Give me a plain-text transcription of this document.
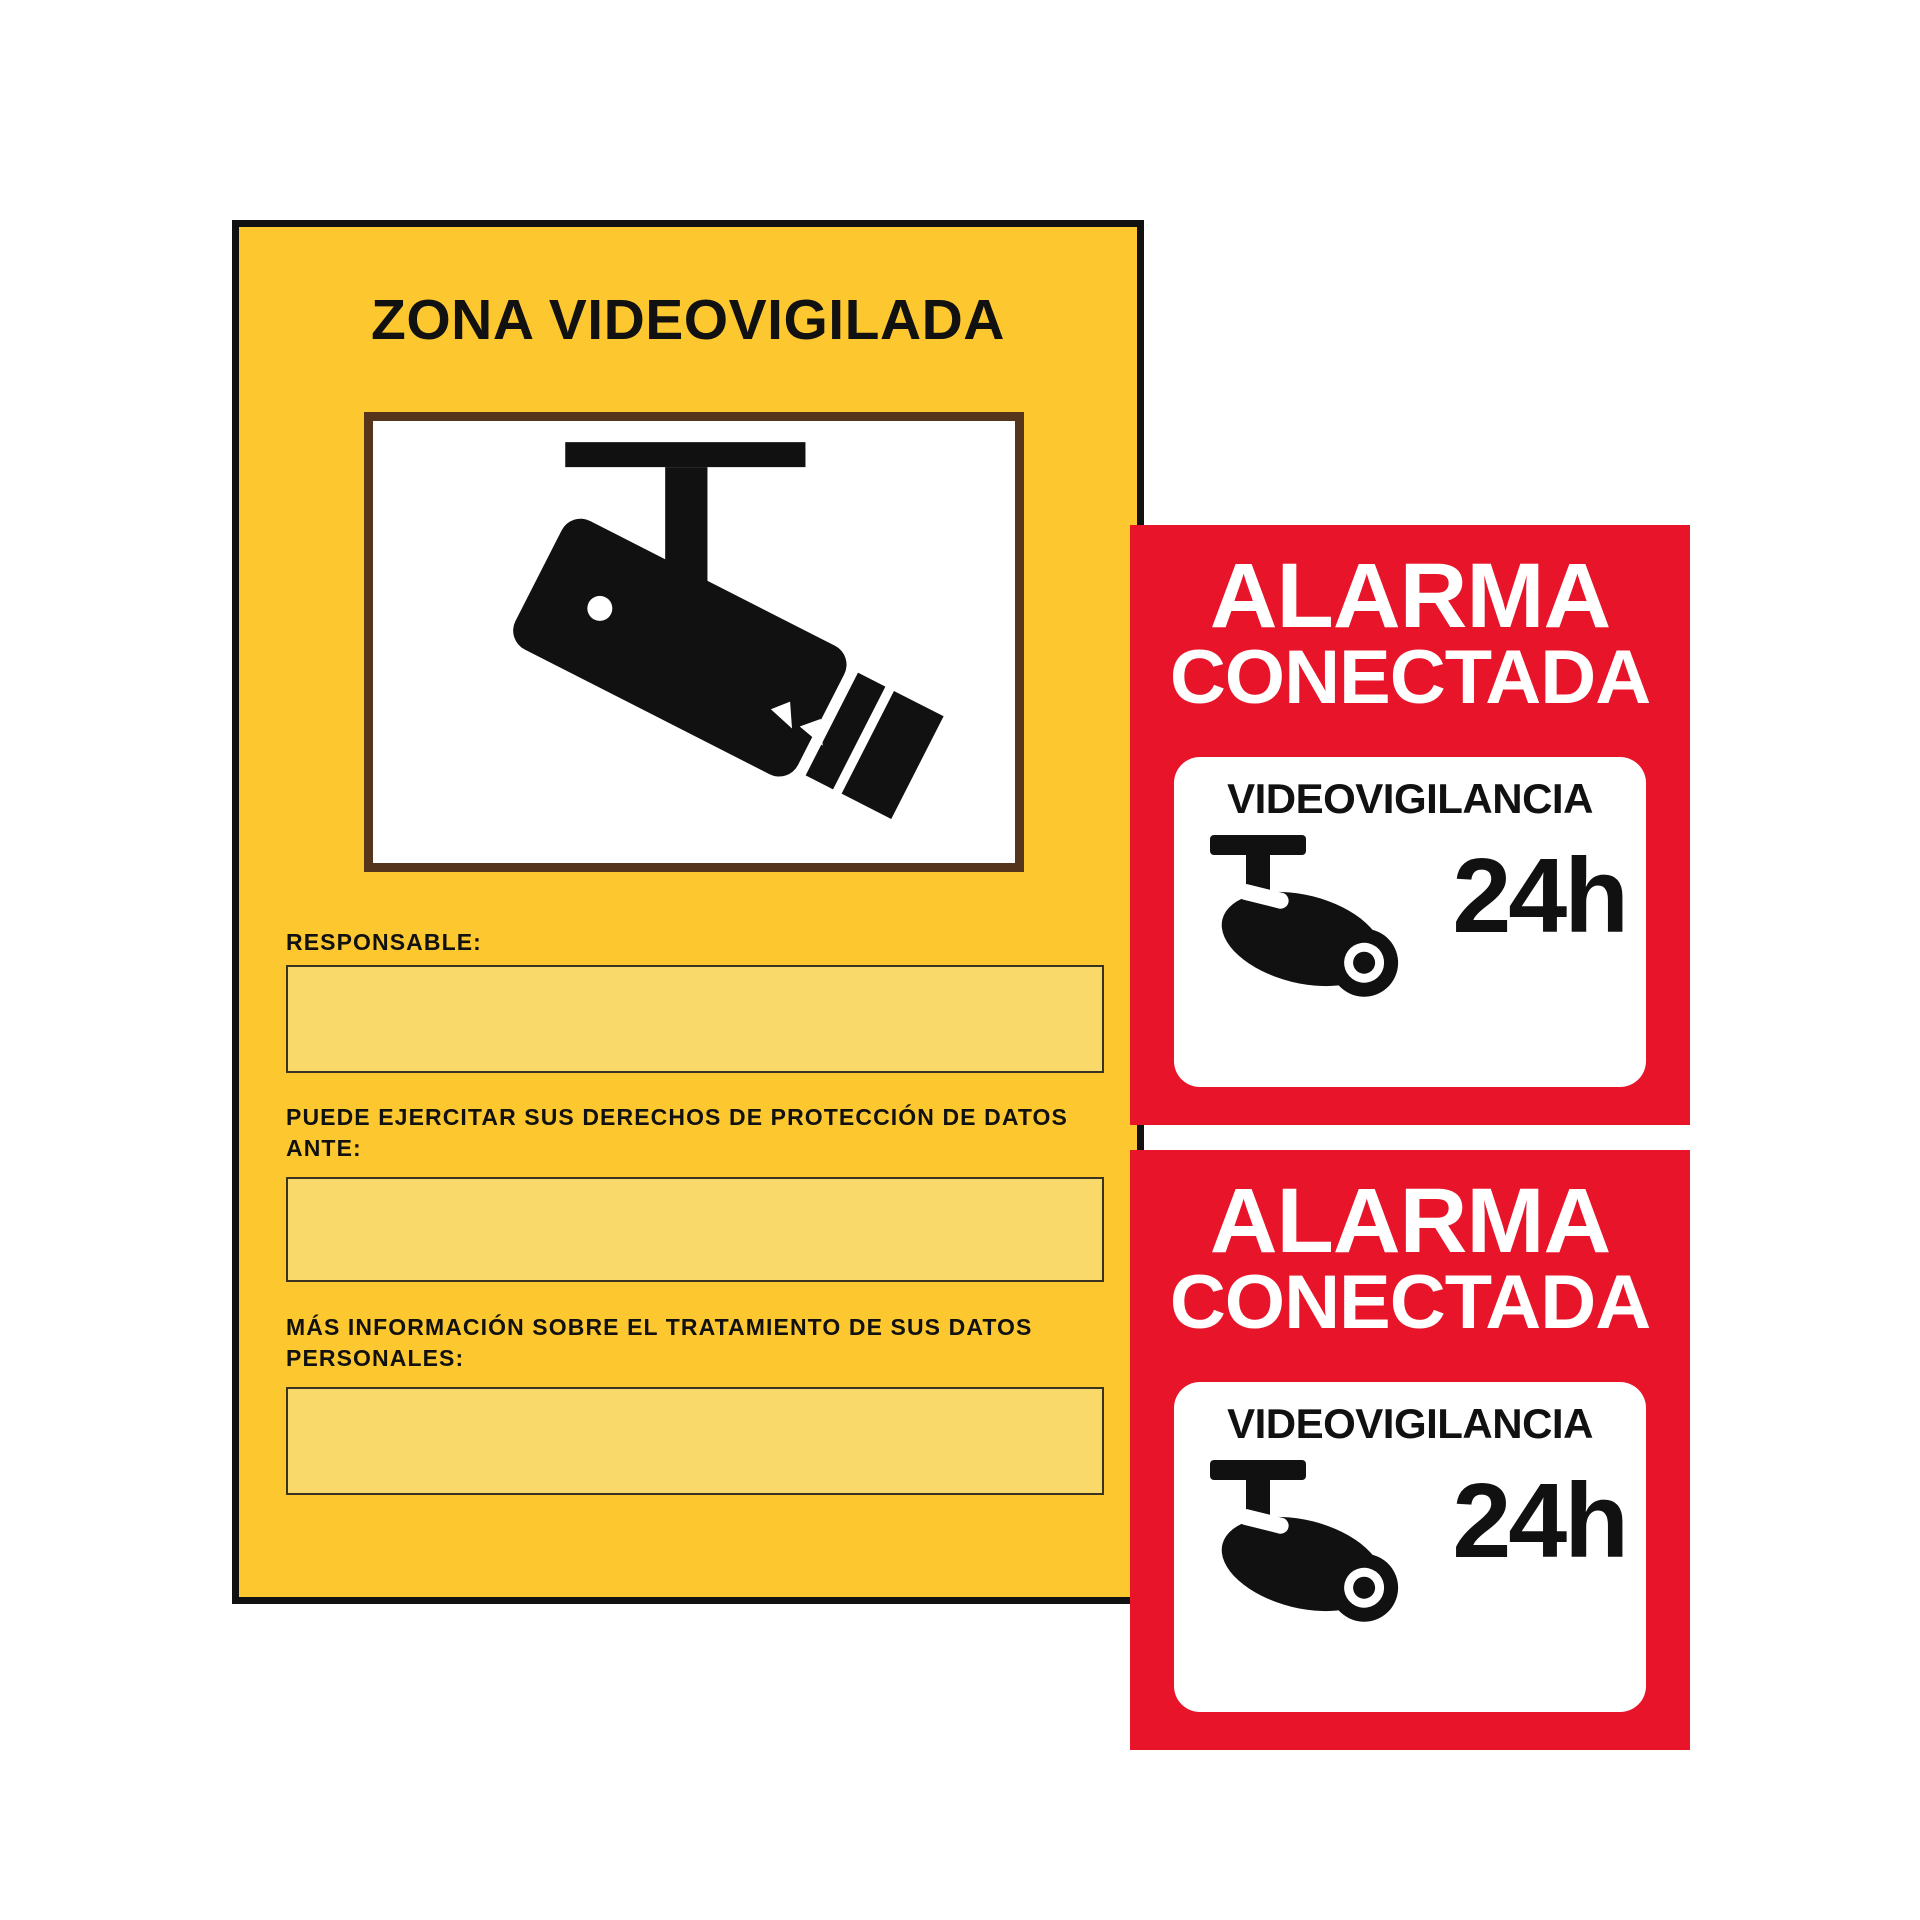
ZONA VIDEOVIGILADA
RESPONSABLE:
PUEDE EJERCITAR SUS DERECHOS DE PROTECCIÓN DE DATOS ANTE:
MÁS INFORMACIÓN SOBRE EL TRATAMIENTO DE SUS DATOS PERSONALES:
ALARMA
CONECTADA
VIDEOVIGILANCIA
24h
ALARMA
CONECTADA
VIDEOVIGILANCIA
24h
